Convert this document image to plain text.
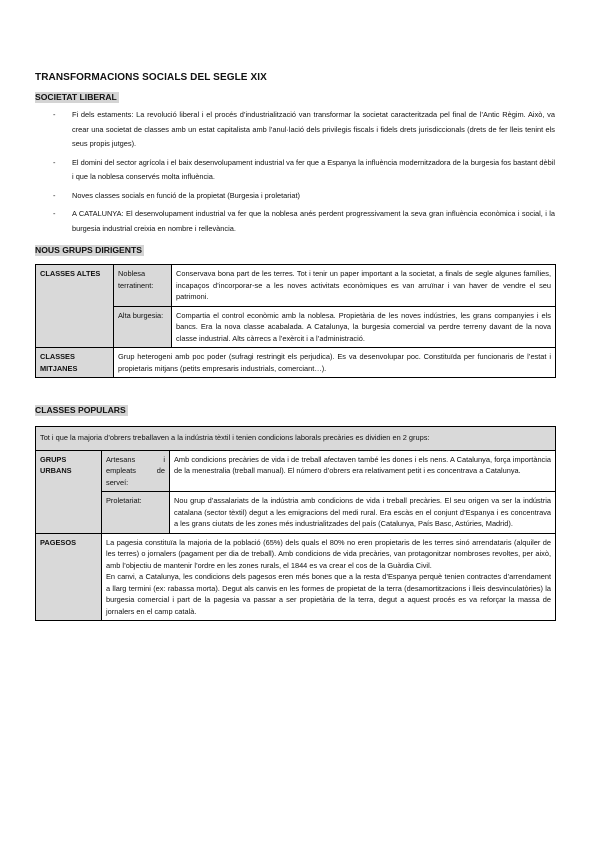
TRANSFORMACIONS SOCIALS DEL SEGLE XIX
SOCIETAT LIBERAL
- Fi dels estaments: La revolució liberal i el procés d’industrialització van transformar la societat caracteritzada pel final de l’Antic Règim. Això, va crear una societat de classes amb un estat capitalista amb l’anul·lació dels privilegis fiscals i fidels drets jurisdiccionals (drets de fer lleis tenint els seus propis jutges).
- El domini del sector agrícola i el baix desenvolupament industrial va fer que a Espanya la influència modernitzadora de la burgesia fos bastant dèbil i que la noblesa conservés molta influència.
- Noves classes socials en funció de la propietat (Burgesia i proletariat)
- A CATALUNYA: El desenvolupament industrial va fer que la noblesa anés perdent progressivament la seva gran influència econòmica i social, i la burgesia industrial creixia en nombre i rellevància.
NOUS GRUPS DIRIGENTS
CLASSES ALTES	Noblesa terratinent:	Conservava bona part de les terres. Tot i tenir un paper important a la societat, a finals de segle algunes famílies, incapaços d’incorporar-se a les noves activitats econòmiques es van arruïnar i van haver de vendre el seu patrimoni.
	Alta burgesia:	Compartia el control econòmic amb la noblesa. Propietària de les noves indústries, les grans companyies i els bancs. Era la nova classe acabalada. A Catalunya, la burgesia comercial va perdre terreny davant de la nova classe industrial. Alts càrrecs a l’exèrcit i a l’administració.
CLASSES MITJANES	Grup heterogeni amb poc poder (sufragi restringit els perjudica). Es va desenvolupar poc. Constituïda per funcionaris de l’estat i propietaris mitjans (petits empresaris industrials, comerciant…).	
CLASSES POPULARS
Tot i que la majoria d’obrers treballaven a la indústria tèxtil i tenien condicions laborals precàries es dividien en 2 grups:		
GRUPS URBANS	Artesans i empleats de serveí:	Amb condicions precàries de vida i de treball afectaven també les dones i els nens. A Catalunya, força importància de la menestralia (treball manual). El número d’obrers era relativament petit i es concentrava a Catalunya.
	Proletariat:	Nou grup d’assalariats de la indústria amb condicions de vida i treball precàries. El seu origen va ser la indústria catalana (sector tèxtil) degut a les emigracions del medi rural. Era escàs en el conjunt d’Espanya i es concentrava a les grans ciutats de les zones més industrialitzades del país (Catalunya, País Basc, Astúries, Madrid).
PAGESOS	La pagesia constituïa la majoria de la població (65%) dels quals el 80% no eren propietaris de les terres sinó arrendataris (alquiler de les terres) o jornalers (pagament per dia de treball). Amb condicions de vida precàries, van protagonitzar nombroses revoltes, per això, amb l’objectiu de mantenir l’ordre en les zones rurals, el 1844 es va crear el cos de la Guàrdia Civil.
En canvi, a Catalunya, les condicions dels pagesos eren més bones que a la resta d’Espanya perquè tenien contractes d’arrendament a llarg termini (ex: rabassa morta). Degut als canvis en les formes de propietat de la terra (desamortitzacions i lleis desvinculatòries) la burgesia comercial i part de la pagesia va passar a ser propietària de la terra, degut a aquest procés es va reforçar la massa de jornalers en el camp català.	
